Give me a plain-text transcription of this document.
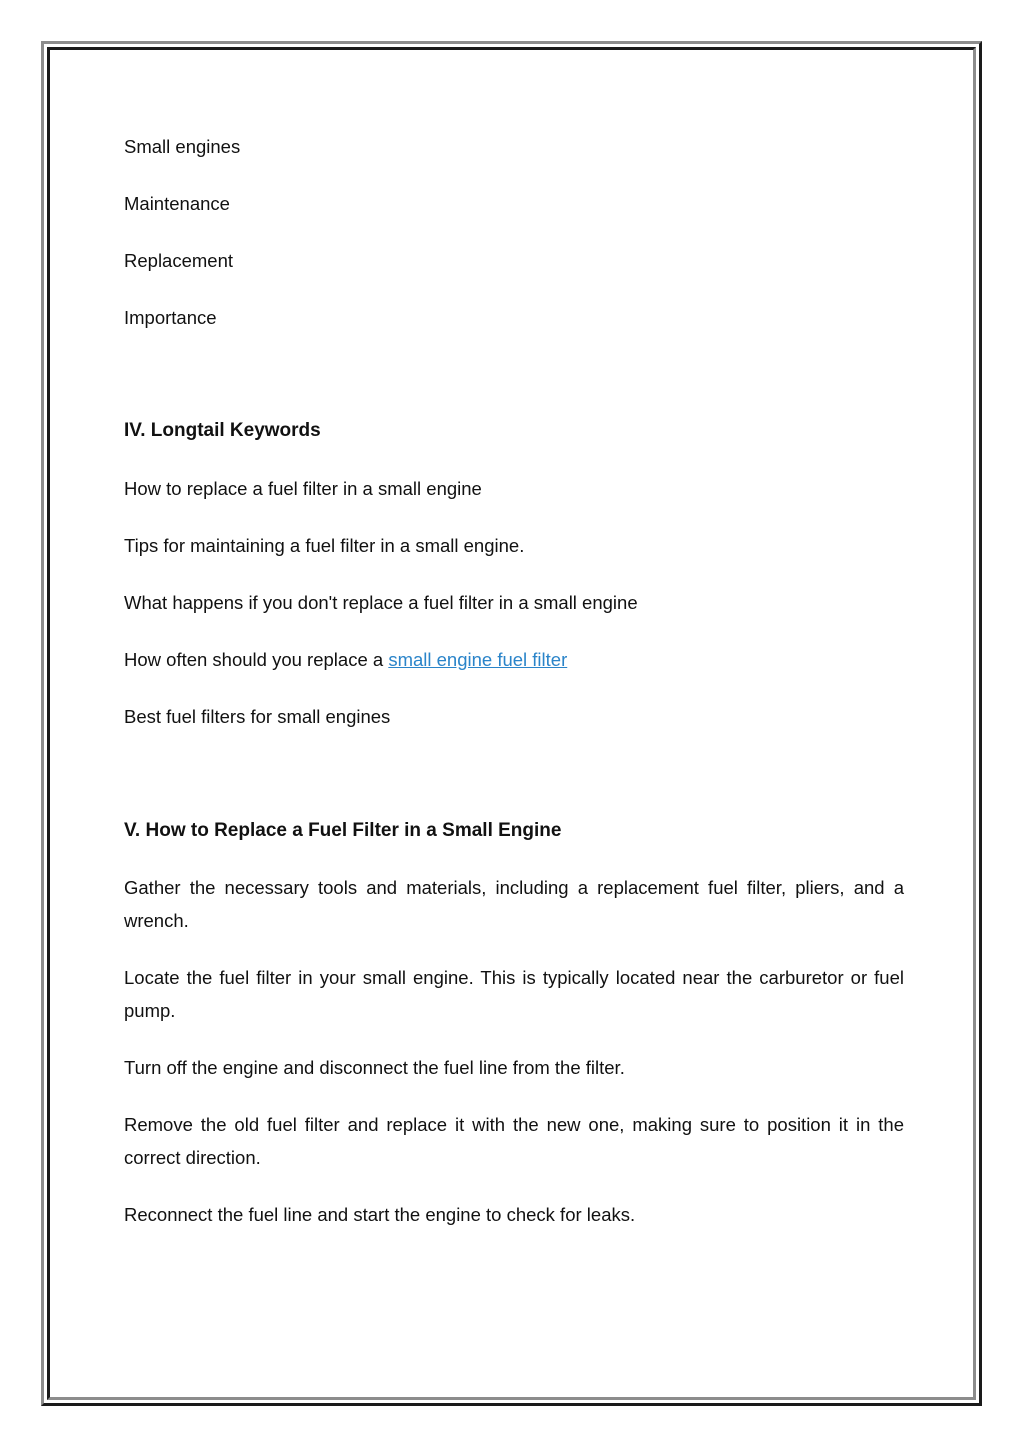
Small engines

Maintenance

Replacement

Importance

IV. Longtail Keywords

How to replace a fuel filter in a small engine

Tips for maintaining a fuel filter in a small engine.

What happens if you don't replace a fuel filter in a small engine

How often should you replace a small engine fuel filter

Best fuel filters for small engines

V. How to Replace a Fuel Filter in a Small Engine

Gather the necessary tools and materials, including a replacement fuel filter, pliers, and a wrench.

Locate the fuel filter in your small engine. This is typically located near the carburetor or fuel pump.

Turn off the engine and disconnect the fuel line from the filter.

Remove the old fuel filter and replace it with the new one, making sure to position it in the correct direction.

Reconnect the fuel line and start the engine to check for leaks.
